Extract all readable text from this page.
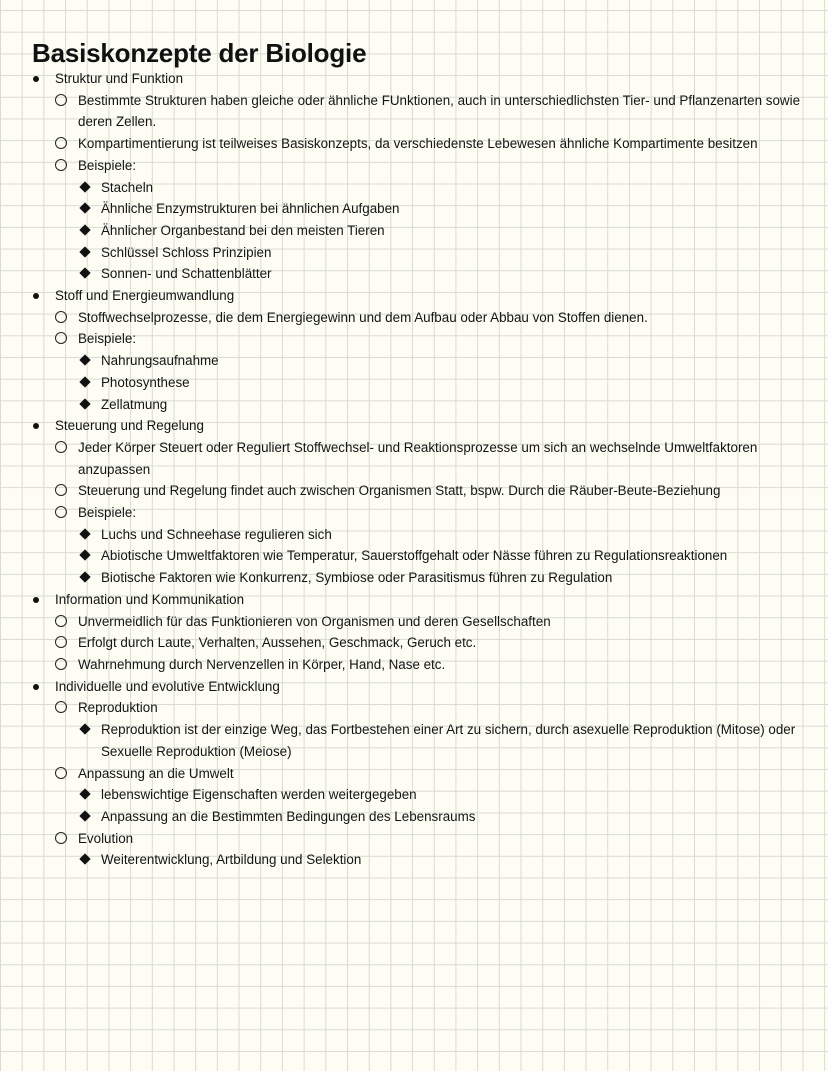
Basiskonzepte der Biologie
Struktur und Funktion
Bestimmte Strukturen haben gleiche oder ähnliche FUnktionen, auch in unterschiedlichsten Tier- und Pflanzenarten sowie deren Zellen.
Kompartimentierung ist teilweises Basiskonzepts, da verschiedenste Lebewesen ähnliche Kompartimente besitzen
Beispiele:
Stacheln
Ähnliche Enzymstrukturen bei ähnlichen Aufgaben
Ähnlicher Organbestand bei den meisten Tieren
Schlüssel Schloss Prinzipien
Sonnen- und Schattenblätter
Stoff und Energieumwandlung
Stoffwechselprozesse, die dem Energiegewinn und dem Aufbau oder Abbau von Stoffen dienen.
Beispiele:
Nahrungsaufnahme
Photosynthese
Zellatmung
Steuerung und Regelung
Jeder Körper Steuert oder Reguliert Stoffwechsel- und Reaktionsprozesse um sich an wechselnde Umweltfaktoren anzupassen
Steuerung und Regelung findet auch zwischen Organismen Statt, bspw. Durch die Räuber-Beute-Beziehung
Beispiele:
Luchs und Schneehase regulieren sich
Abiotische Umweltfaktoren wie Temperatur, Sauerstoffgehalt oder Nässe führen zu Regulationsreaktionen
Biotische Faktoren wie Konkurrenz, Symbiose oder Parasitismus führen zu Regulation
Information und Kommunikation
Unvermeidlich für das Funktionieren von Organismen und deren Gesellschaften
Erfolgt durch Laute, Verhalten, Aussehen, Geschmack, Geruch etc.
Wahrnehmung durch Nervenzellen in Körper, Hand, Nase etc.
Individuelle und evolutive Entwicklung
Reproduktion
Reproduktion ist der einzige Weg, das Fortbestehen einer Art zu sichern, durch asexuelle Reproduktion (Mitose) oder Sexuelle Reproduktion (Meiose)
Anpassung an die Umwelt
lebenswichtige Eigenschaften werden weitergegeben
Anpassung an die Bestimmten Bedingungen des Lebensraums
Evolution
Weiterentwicklung, Artbildung und Selektion
